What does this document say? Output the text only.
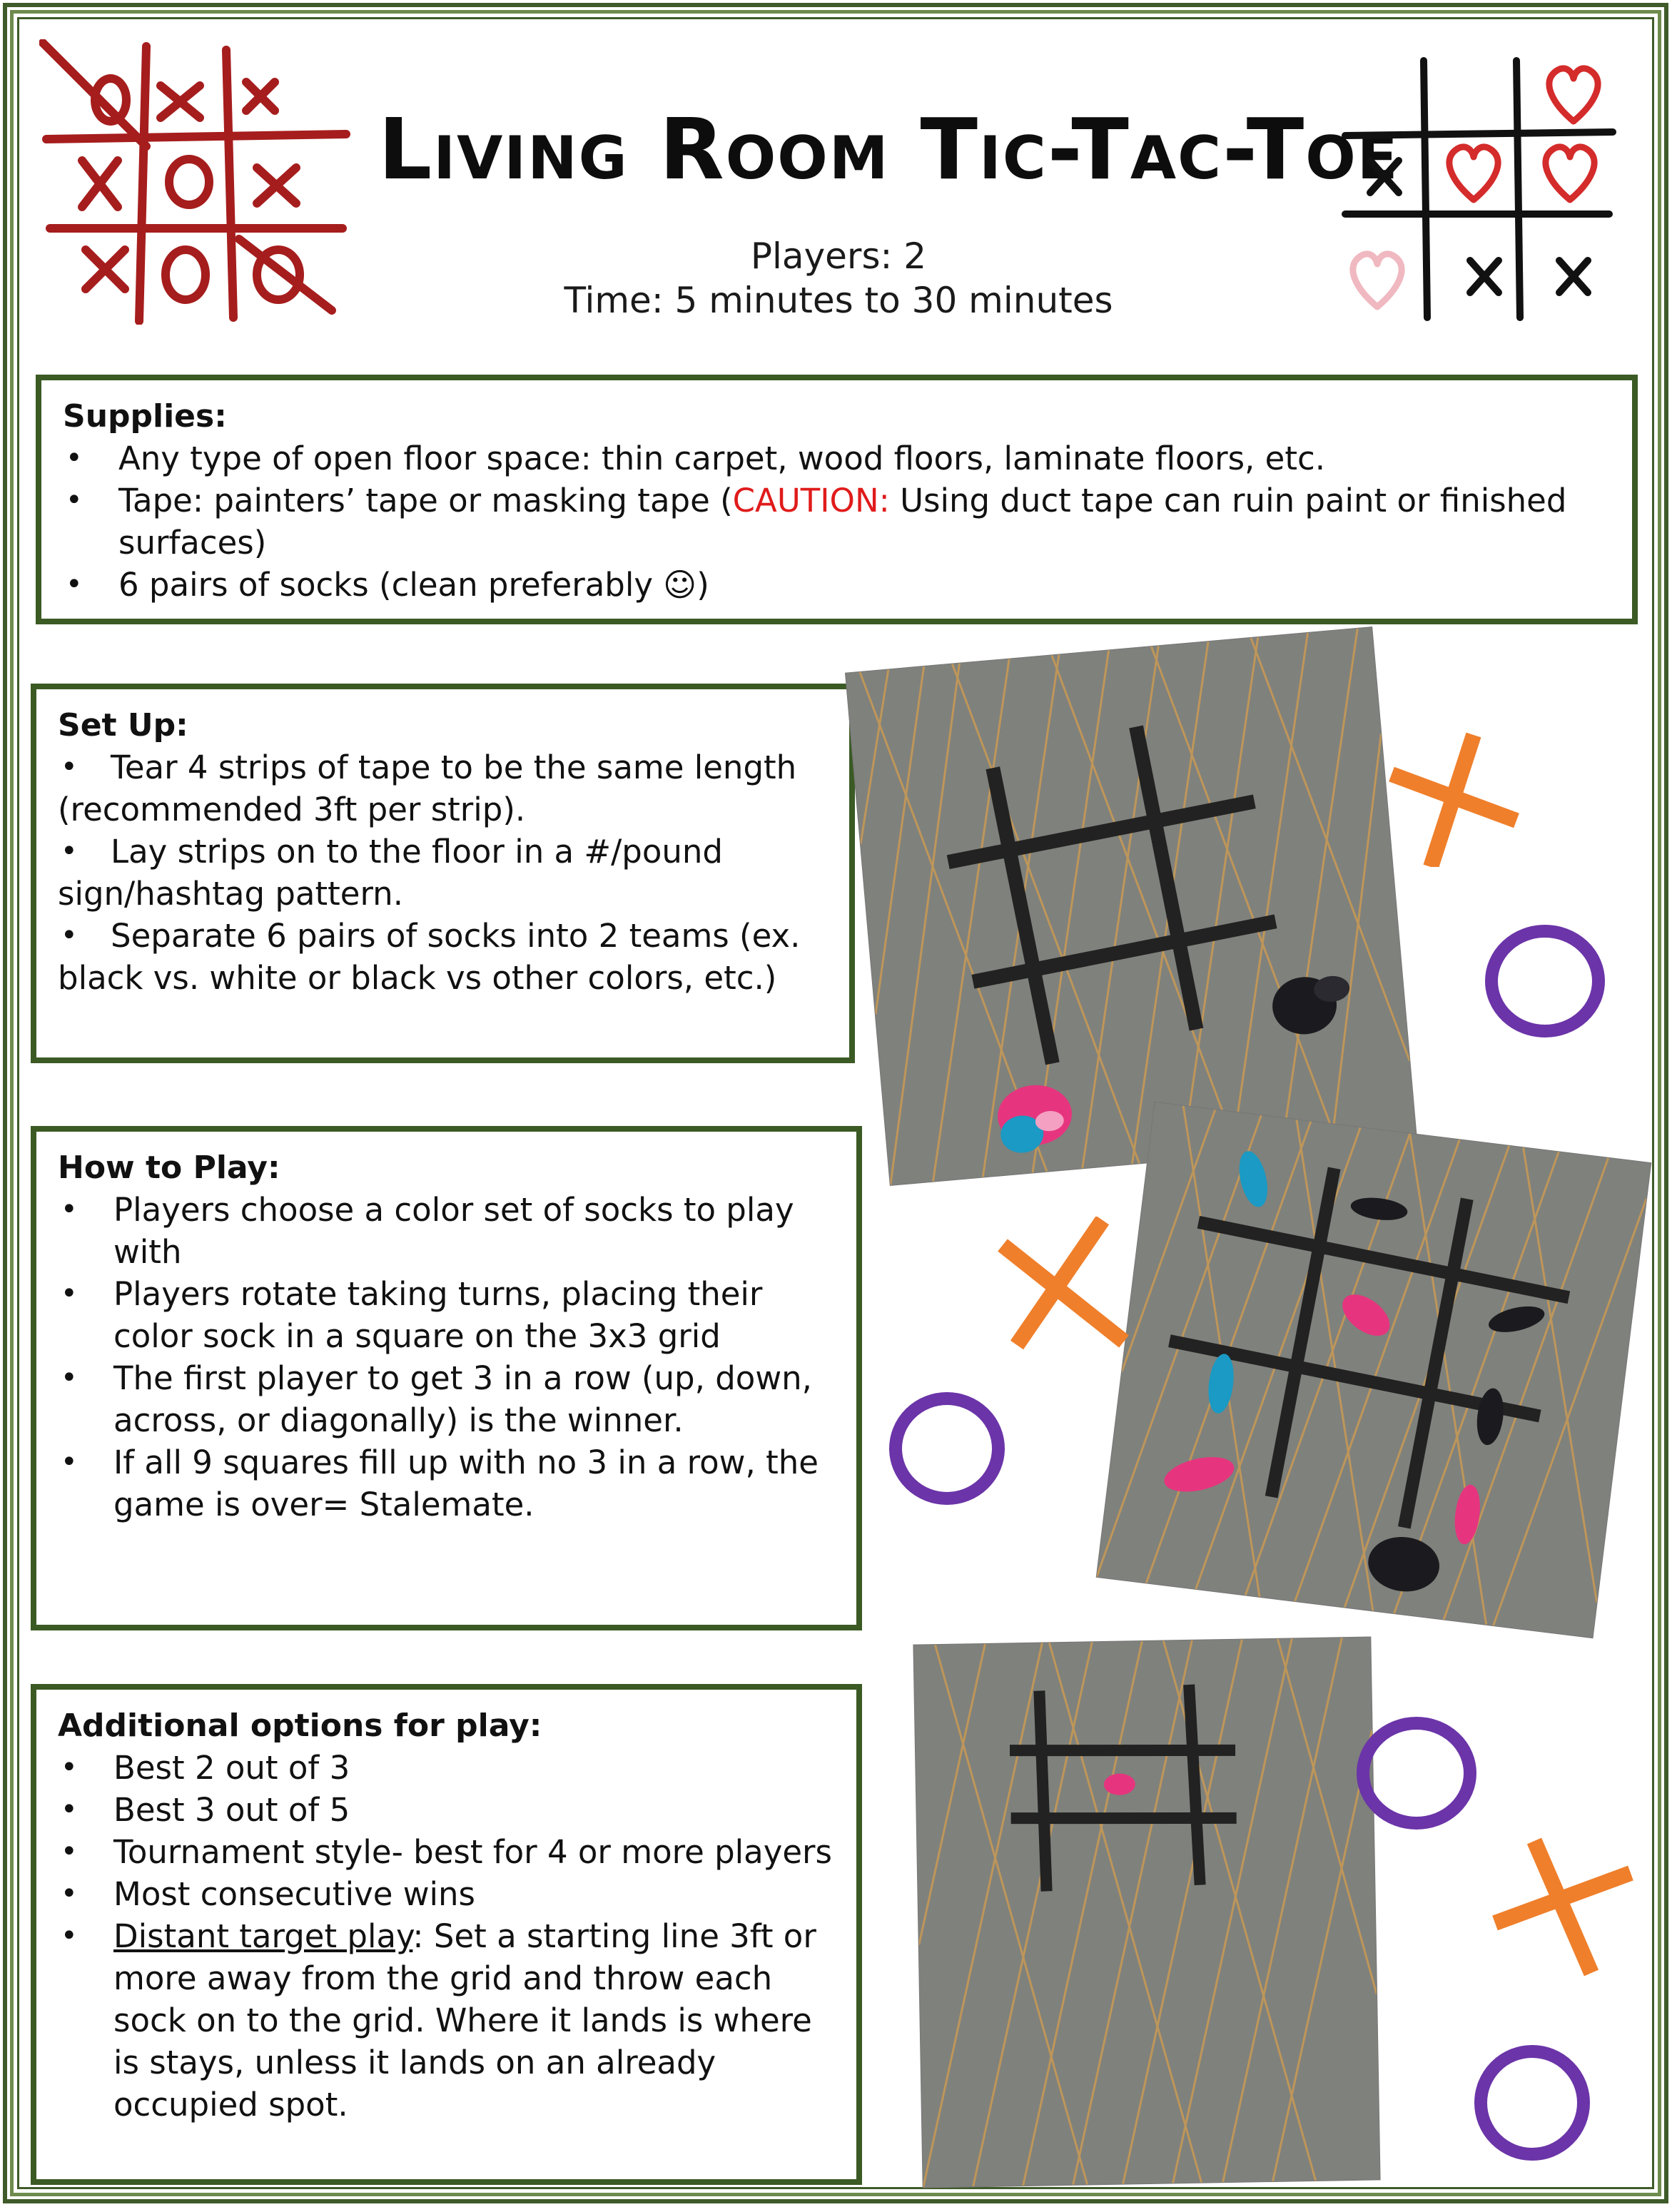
Living Room Tic-Tac-Toe
Players: 2
Time: 5 minutes to 30 minutes
Supplies:
• Any type of open floor space: thin carpet, wood floors, laminate floors, etc.
• Tape: painters’ tape or masking tape (CAUTION: Using duct tape can ruin paint or finished surfaces)
• 6 pairs of socks (clean preferably ☺)
Set Up:
• Tear 4 strips of tape to be the same length (recommended 3ft per strip).
• Lay strips on to the floor in a #/pound sign/hashtag pattern.
• Separate 6 pairs of socks into 2 teams (ex. black vs. white or black vs other colors, etc.)
How to Play:
• Players choose a color set of socks to play with
• Players rotate taking turns, placing their color sock in a square on the 3x3 grid
• The first player to get 3 in a row (up, down, across, or diagonally) is the winner.
• If all 9 squares fill up with no 3 in a row, the game is over= Stalemate.
Additional options for play:
• Best 2 out of 3
• Best 3 out of 5
• Tournament style- best for 4 or more players
• Most consecutive wins
• Distant target play: Set a starting line 3ft or more away from the grid and throw each sock on to the grid. Where it lands is where is stays, unless it lands on an already occupied spot.
